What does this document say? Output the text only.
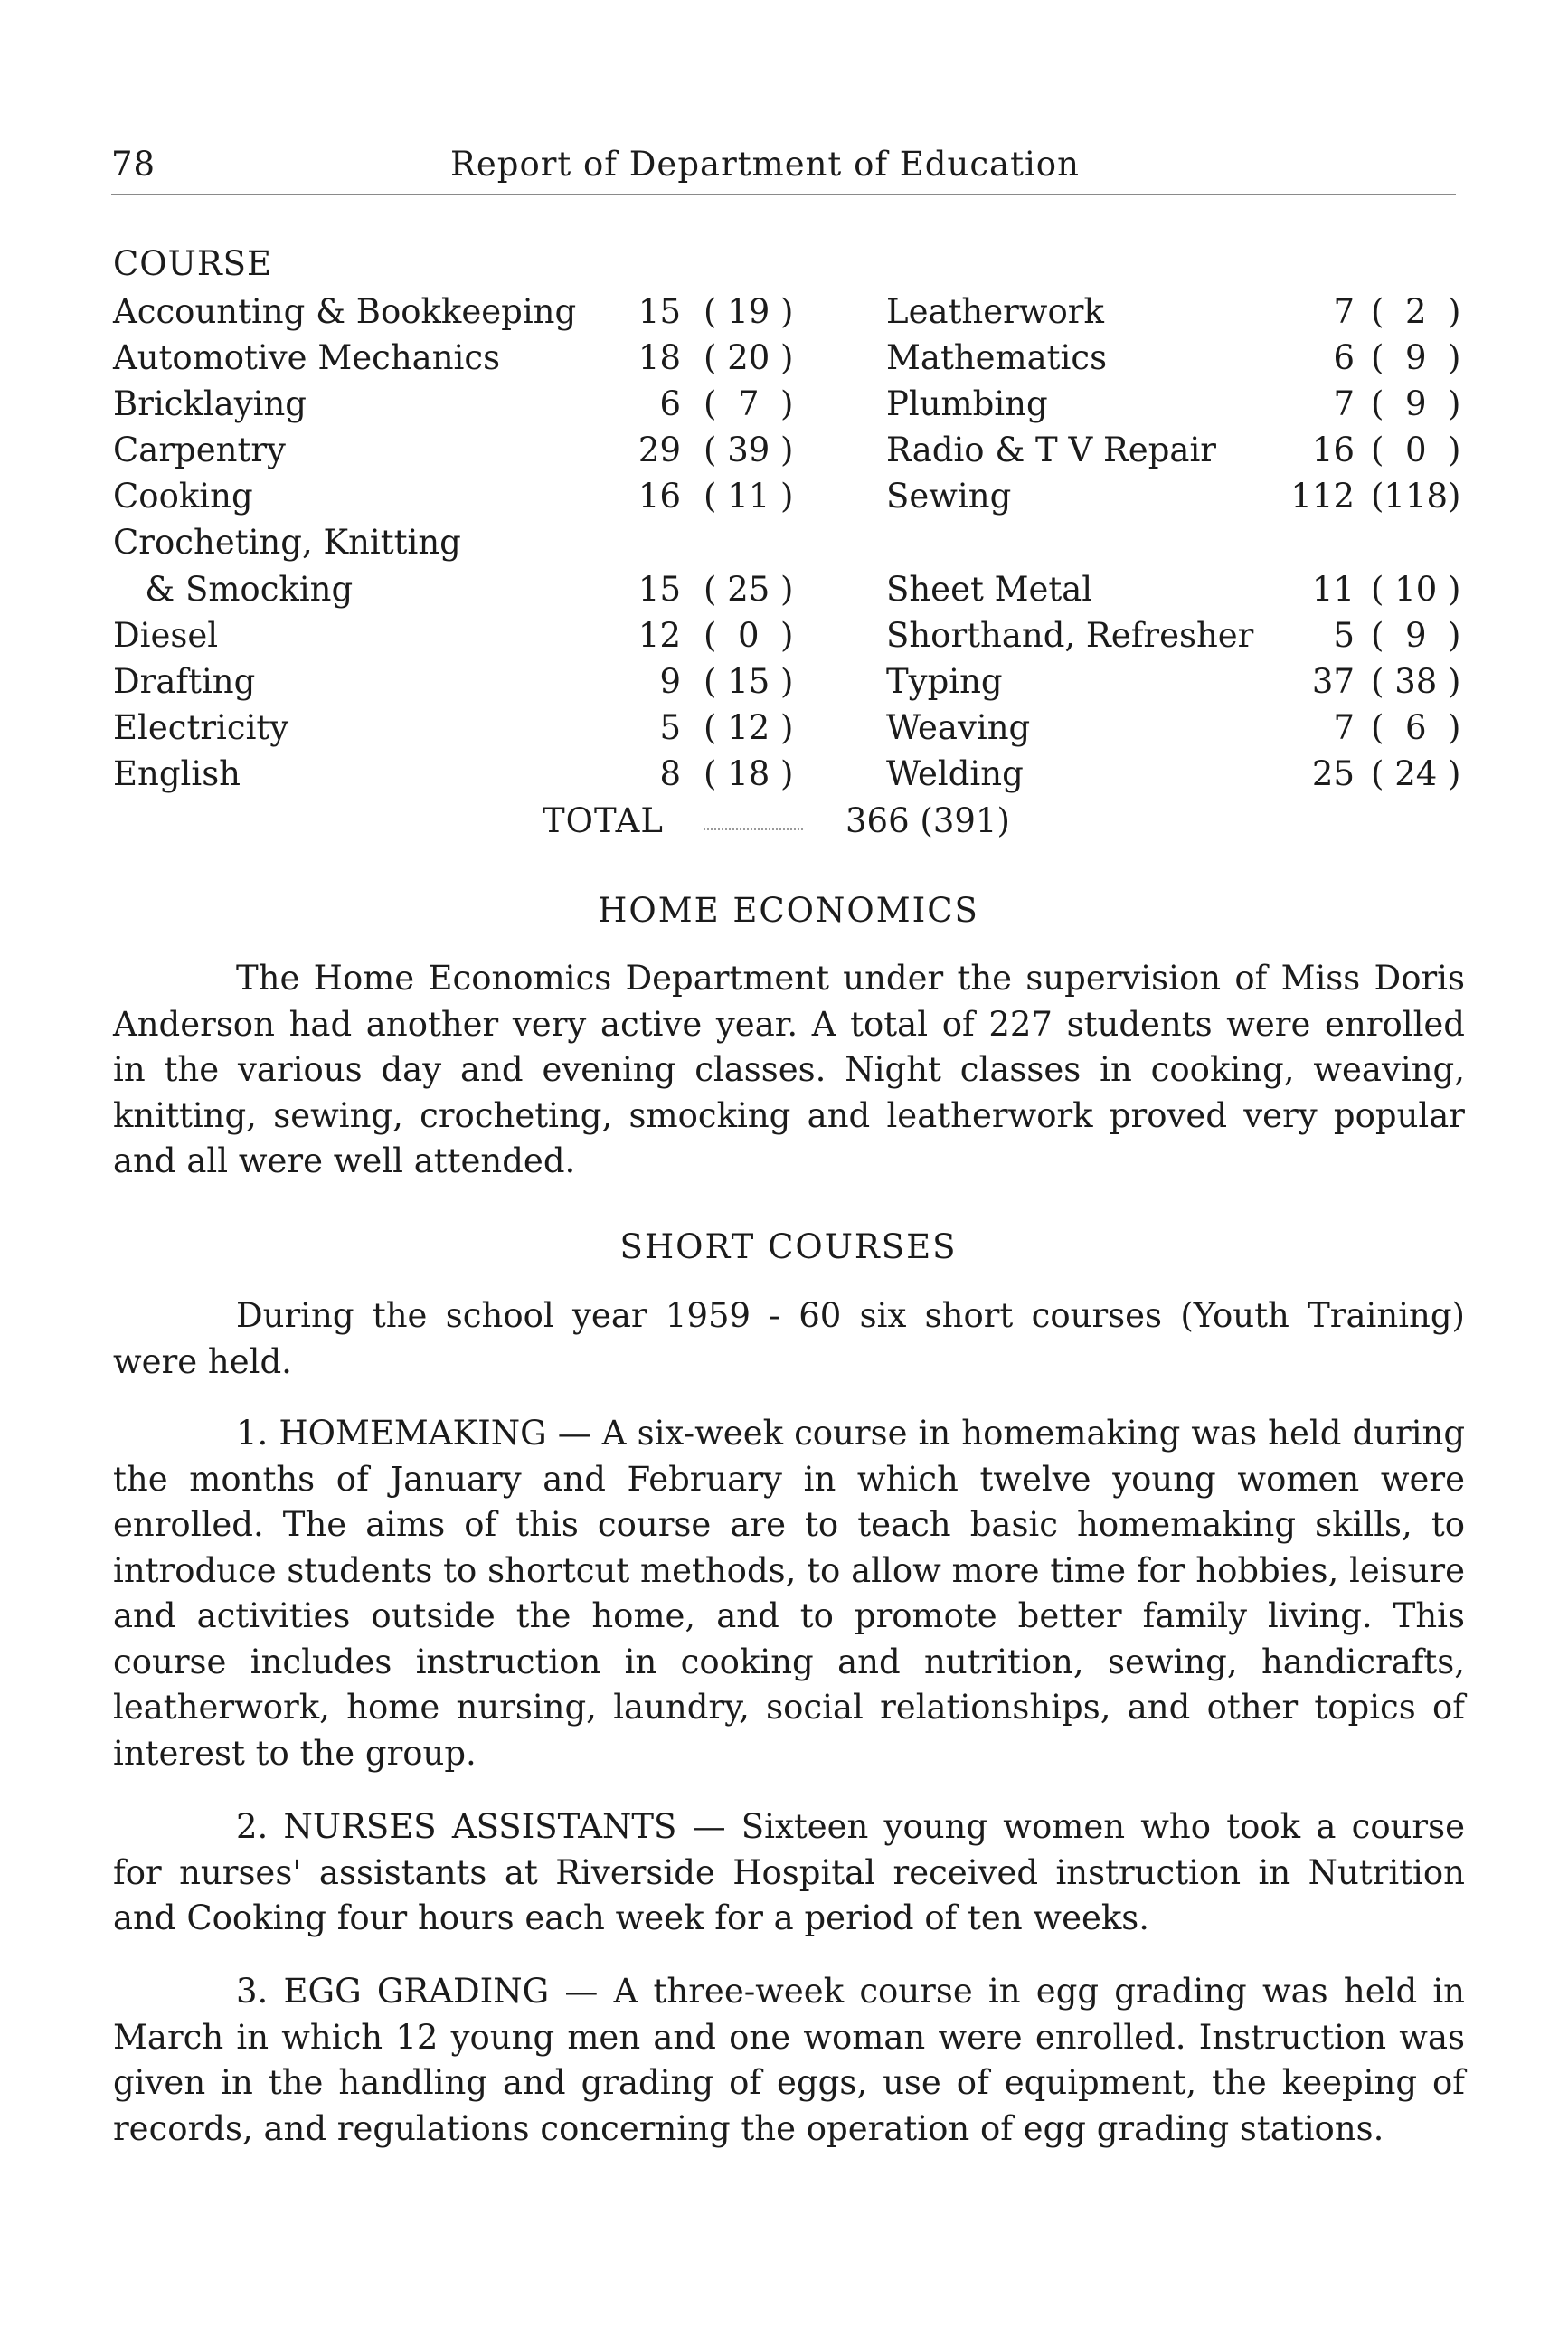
78	Report of Department of Education
COURSE
Accounting & Bookkeeping 15 ( 19 )	Leatherwork	7 (  2  )
Automotive Mechanics	18 ( 20 )	Mathematics	6 (  9  )
Bricklaying	6 (  7  )	Plumbing	7 (  9  )
Carpentry	29 ( 39 )	Radio & T V Repair	16 (  0  )
Cooking	16 ( 11 )	Sewing	112 (118)
Crocheting, Knitting
& Smocking	15 ( 25 )	Sheet Metal	11 ( 10 )
Diesel	12 (  0  )	Shorthand, Refresher 5 (  9  )
Drafting	9 ( 15 )	Typing	37 ( 38 )
Electricity	5 ( 12 )	Weaving	7 (  6  )
English	8 ( 18 )	Welding	25 ( 24 )
TOTAL	366 (391)
HOME ECONOMICS

The Home Economics Department under the supervision of Miss Doris Anderson had another very active year. A total of 227 students were enrolled in the various day and evening classes. Night classes in cooking, weaving, knitting, sewing, crocheting, smocking and leatherwork proved very popular and all were well attended.

SHORT COURSES

During the school year 1959 - 60 six short courses (Youth Training) were held.

1. HOMEMAKING — A six-week course in homemaking was held during the months of January and February in which twelve young women were enrolled. The aims of this course are to teach basic homemaking skills, to introduce students to shortcut methods, to allow more time for hobbies, leisure and activities outside the home, and to promote better family living. This course includes instruction in cooking and nutrition, sewing, handicrafts, leatherwork, home nursing, laundry, social relationships, and other topics of interest to the group.

2. NURSES ASSISTANTS — Sixteen young women who took a course for nurses' assistants at Riverside Hospital received instruction in Nutrition and Cooking four hours each week for a period of ten weeks.

3. EGG GRADING — A three-week course in egg grading was held in March in which 12 young men and one woman were enrolled. Instruction was given in the handling and grading of eggs, use of equipment, the keeping of records, and regulations concerning the operation of egg grading stations.
